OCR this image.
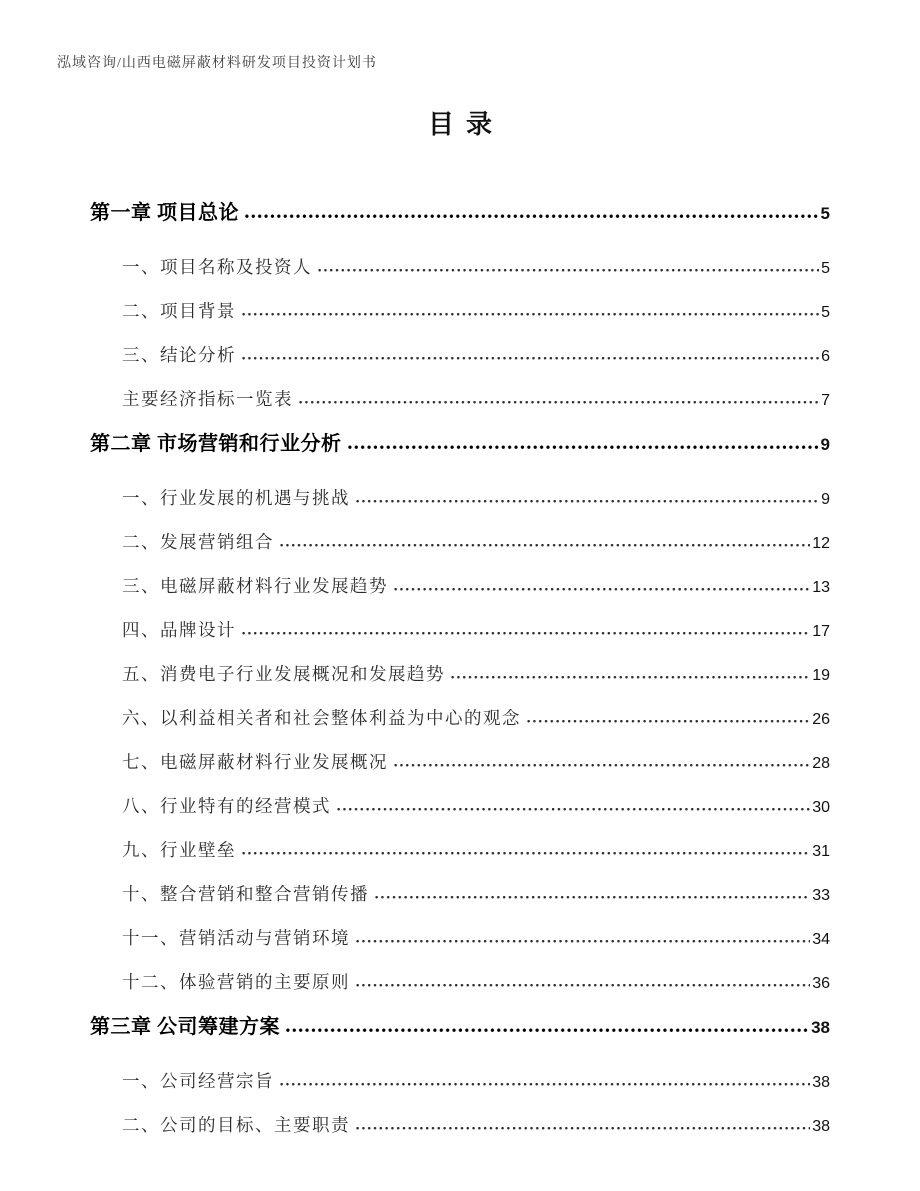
泓域咨询/山西电磁屏蔽材料研发项目投资计划书
目录
第一章 项目总论	5
一、项目名称及投资人	5
二、项目背景	5
三、结论分析	6
主要经济指标一览表	7
第二章 市场营销和行业分析	9
一、行业发展的机遇与挑战	9
二、发展营销组合	12
三、电磁屏蔽材料行业发展趋势	13
四、品牌设计	17
五、消费电子行业发展概况和发展趋势	19
六、以利益相关者和社会整体利益为中心的观念	26
七、电磁屏蔽材料行业发展概况	28
八、行业特有的经营模式	30
九、行业壁垒	31
十、整合营销和整合营销传播	33
十一、营销活动与营销环境	34
十二、体验营销的主要原则	36
第三章 公司筹建方案	38
一、公司经营宗旨	38
二、公司的目标、主要职责	38
